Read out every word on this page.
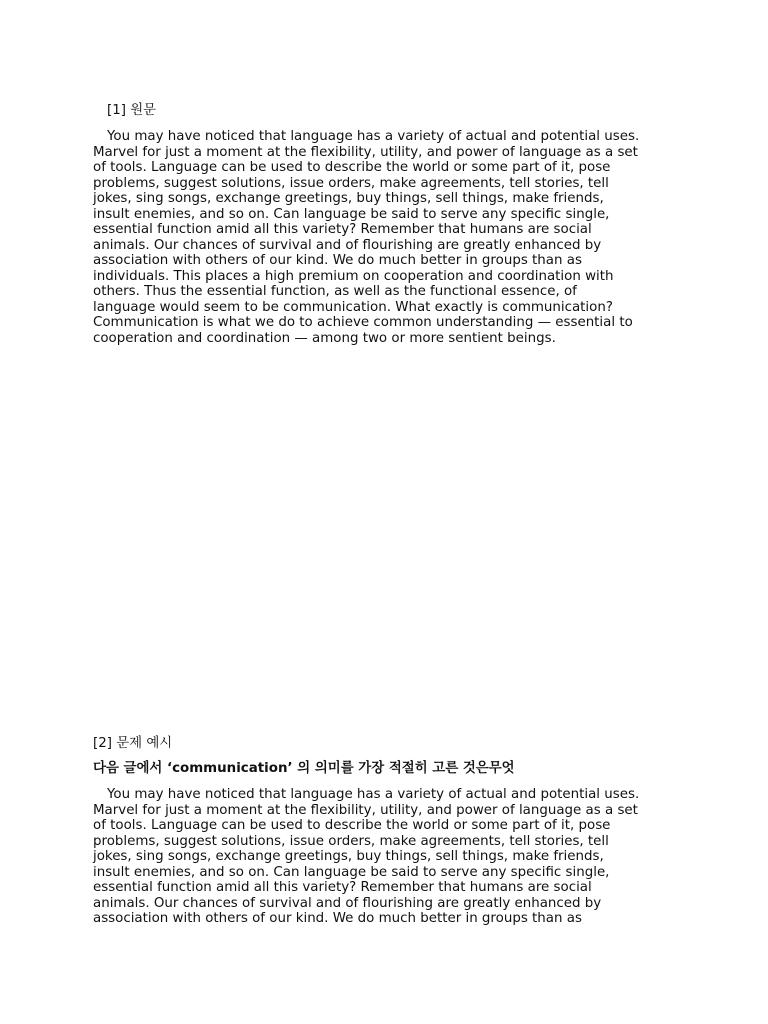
[1] 원문
You may have noticed that language has a variety of actual and potential uses.
Marvel for just a moment at the flexibility, utility, and power of language as a set
of tools. Language can be used to describe the world or some part of it, pose
problems, suggest solutions, issue orders, make agreements, tell stories, tell
jokes, sing songs, exchange greetings, buy things, sell things, make friends,
insult enemies, and so on. Can language be said to serve any specific single,
essential function amid all this variety? Remember that humans are social
animals. Our chances of survival and of flourishing are greatly enhanced by
association with others of our kind. We do much better in groups than as
individuals. This places a high premium on cooperation and coordination with
others. Thus the essential function, as well as the functional essence, of
language would seem to be communication. What exactly is communication?
Communication is what we do to achieve common understanding — essential to
cooperation and coordination — among two or more sentient beings.
[2] 문제 예시
다음 글에서 ‘communication’ 의 의미를 가장 적절히 고른 것은무엇
You may have noticed that language has a variety of actual and potential uses.
Marvel for just a moment at the flexibility, utility, and power of language as a set
of tools. Language can be used to describe the world or some part of it, pose
problems, suggest solutions, issue orders, make agreements, tell stories, tell
jokes, sing songs, exchange greetings, buy things, sell things, make friends,
insult enemies, and so on. Can language be said to serve any specific single,
essential function amid all this variety? Remember that humans are social
animals. Our chances of survival and of flourishing are greatly enhanced by
association with others of our kind. We do much better in groups than as
